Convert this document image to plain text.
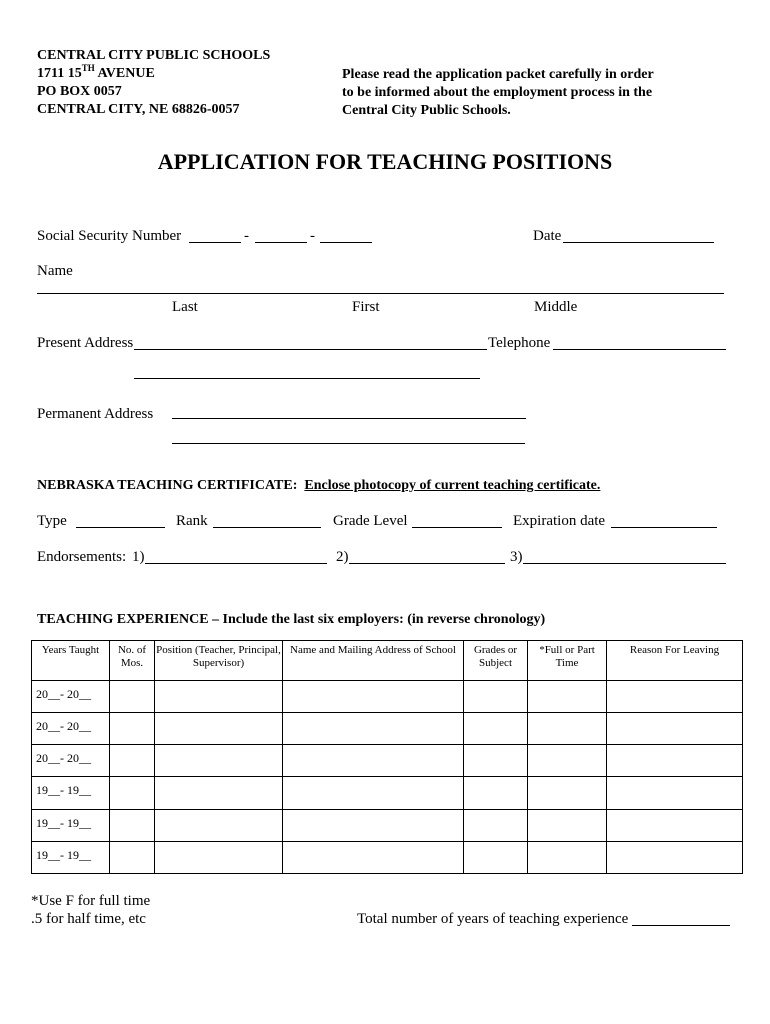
CENTRAL CITY PUBLIC SCHOOLS
1711 15TH AVENUE
PO BOX 0057
CENTRAL CITY, NE 68826-0057
Please read the application packet carefully in order
to be informed about the employment process in the
Central City Public Schools.
APPLICATION FOR TEACHING POSITIONS
Social Security Number	-	-	Date
Name
Last	First	Middle
Present Address	Telephone
Permanent Address
NEBRASKA TEACHING CERTIFICATE: Enclose photocopy of current teaching certificate.
Type	Rank	Grade Level	Expiration date
Endorsements: 1)	2)	3)
TEACHING EXPERIENCE – Include the last six employers: (in reverse chronology)
Years Taught	No. of Mos.	Position (Teacher, Principal, Supervisor)	Name and Mailing Address of School	Grades or Subject	*Full or Part Time	Reason For Leaving
20__- 20__						
20__- 20__						
20__- 20__						
19__- 19__						
19__- 19__						
19__- 19__						
*Use F for full time
.5 for half time, etc	Total number of years of teaching experience
